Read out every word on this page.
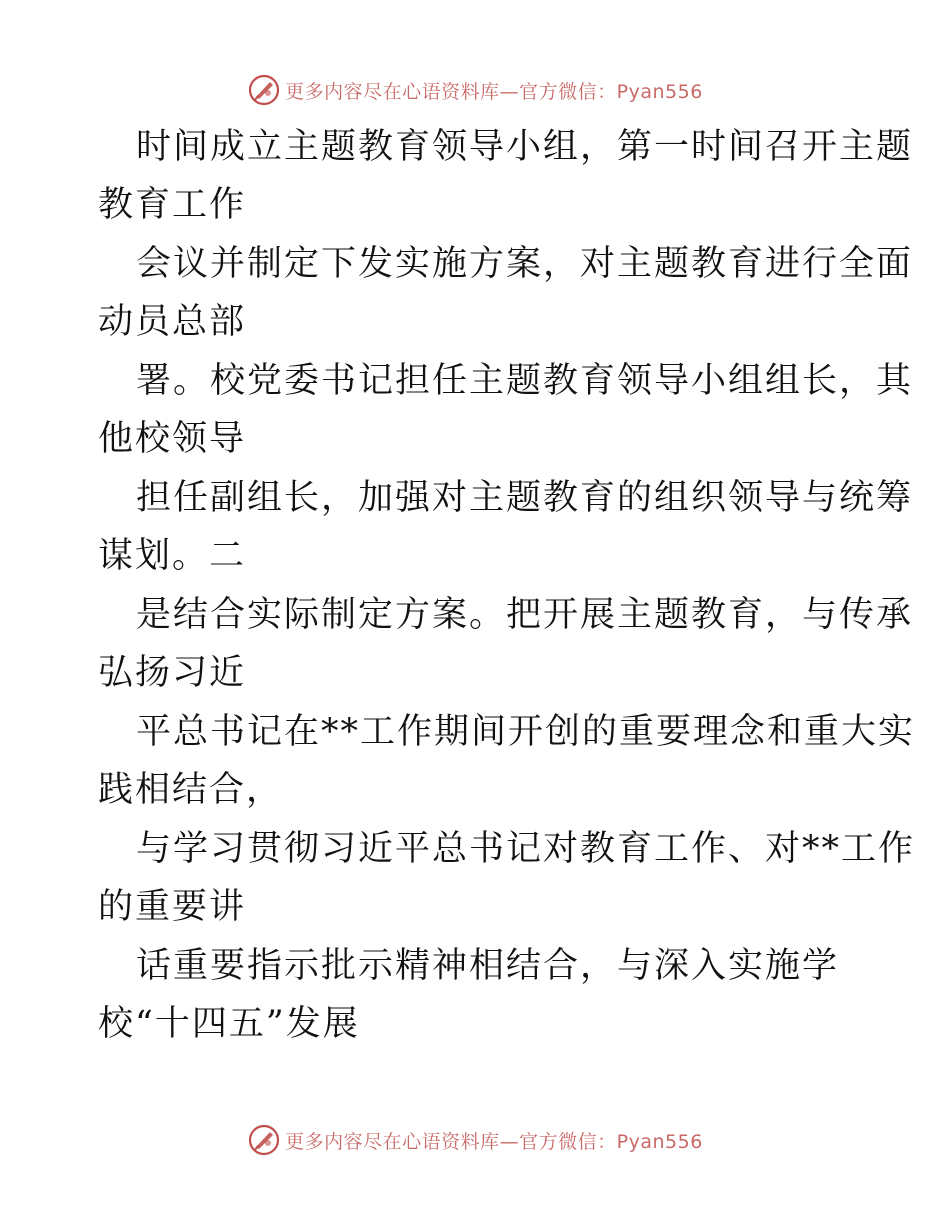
更多内容尽在心语资料库—官方微信：Pyan556
时间成立主题教育领导小组，第一时间召开主题
教育工作
会议并制定下发实施方案，对主题教育进行全面
动员总部
署。校党委书记担任主题教育领导小组组长，其
他校领导
担任副组长，加强对主题教育的组织领导与统筹
谋划。二
是结合实际制定方案。把开展主题教育，与传承
弘扬习近
平总书记在**工作期间开创的重要理念和重大实
践相结合，
与学习贯彻习近平总书记对教育工作、对**工作
的重要讲
话重要指示批示精神相结合，与深入实施学
校“十四五”发展
更多内容尽在心语资料库—官方微信：Pyan556
